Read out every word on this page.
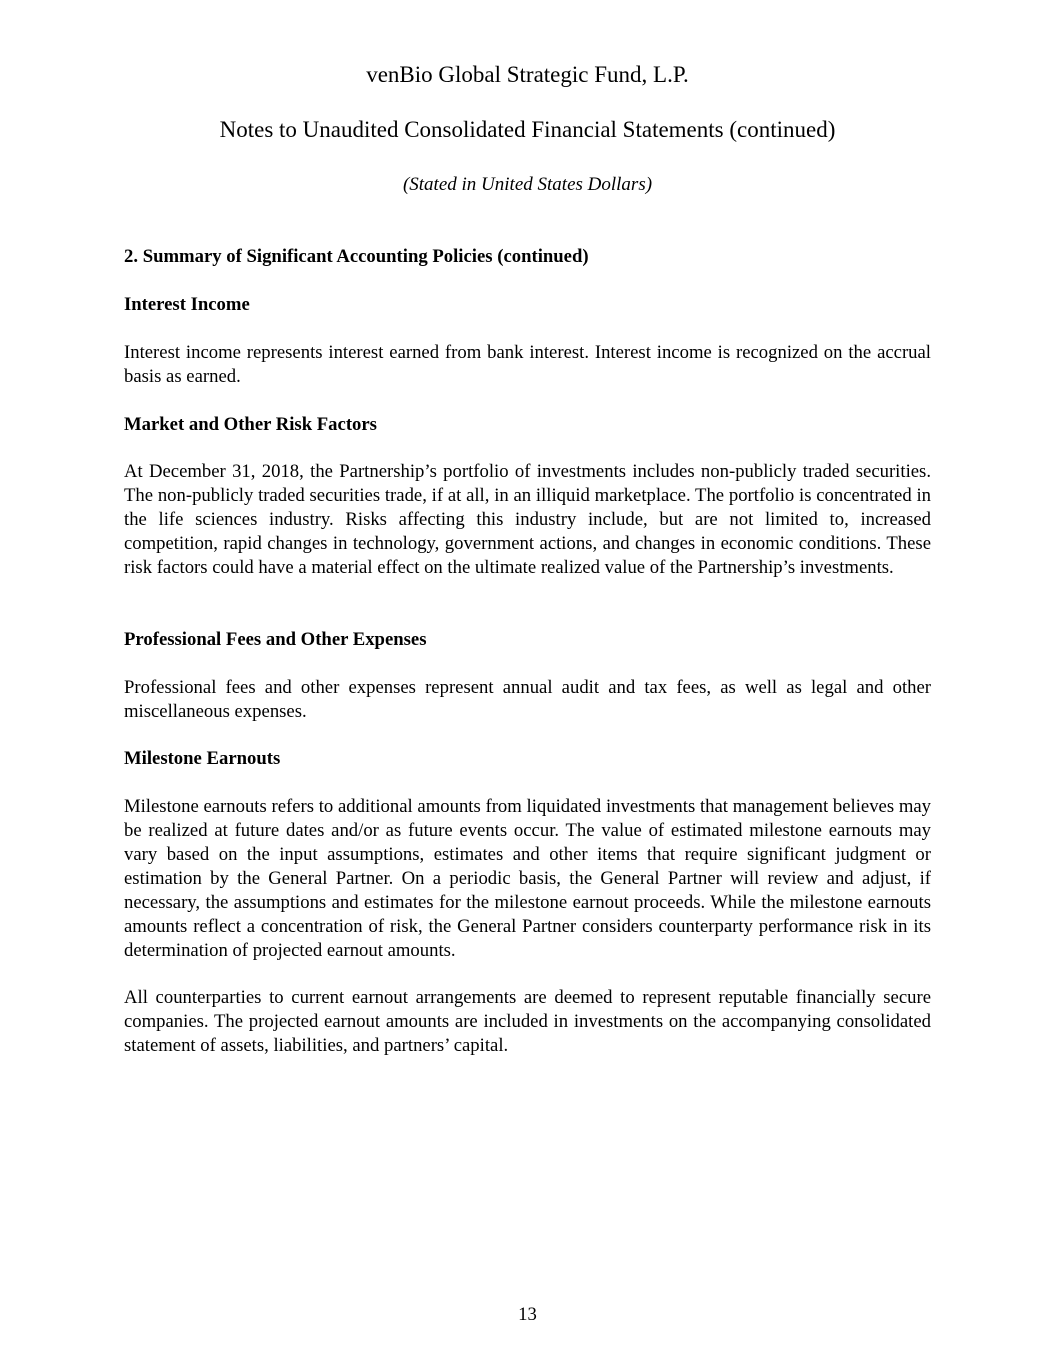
venBio Global Strategic Fund, L.P.
Notes to Unaudited Consolidated Financial Statements (continued)
(Stated in United States Dollars)
2. Summary of Significant Accounting Policies (continued)
Interest Income

Interest income represents interest earned from bank interest. Interest income is recognized on the accrual basis as earned.

Market and Other Risk Factors

At December 31, 2018, the Partnership’s portfolio of investments includes non-publicly traded securities. The non-publicly traded securities trade, if at all, in an illiquid marketplace. The portfolio is concentrated in the life sciences industry. Risks affecting this industry include, but are not limited to, increased competition, rapid changes in technology, government actions, and changes in economic conditions. These risk factors could have a material effect on the ultimate realized value of the Partnership’s investments.

Professional Fees and Other Expenses

Professional fees and other expenses represent annual audit and tax fees, as well as legal and other miscellaneous expenses.

Milestone Earnouts

Milestone earnouts refers to additional amounts from liquidated investments that management believes may be realized at future dates and/or as future events occur. The value of estimated milestone earnouts may vary based on the input assumptions, estimates and other items that require significant judgment or estimation by the General Partner. On a periodic basis, the General Partner will review and adjust, if necessary, the assumptions and estimates for the milestone earnout proceeds. While the milestone earnouts amounts reflect a concentration of risk, the General Partner considers counterparty performance risk in its determination of projected earnout amounts.

All counterparties to current earnout arrangements are deemed to represent reputable financially secure companies. The projected earnout amounts are included in investments on the accompanying consolidated statement of assets, liabilities, and partners’ capital.

13
